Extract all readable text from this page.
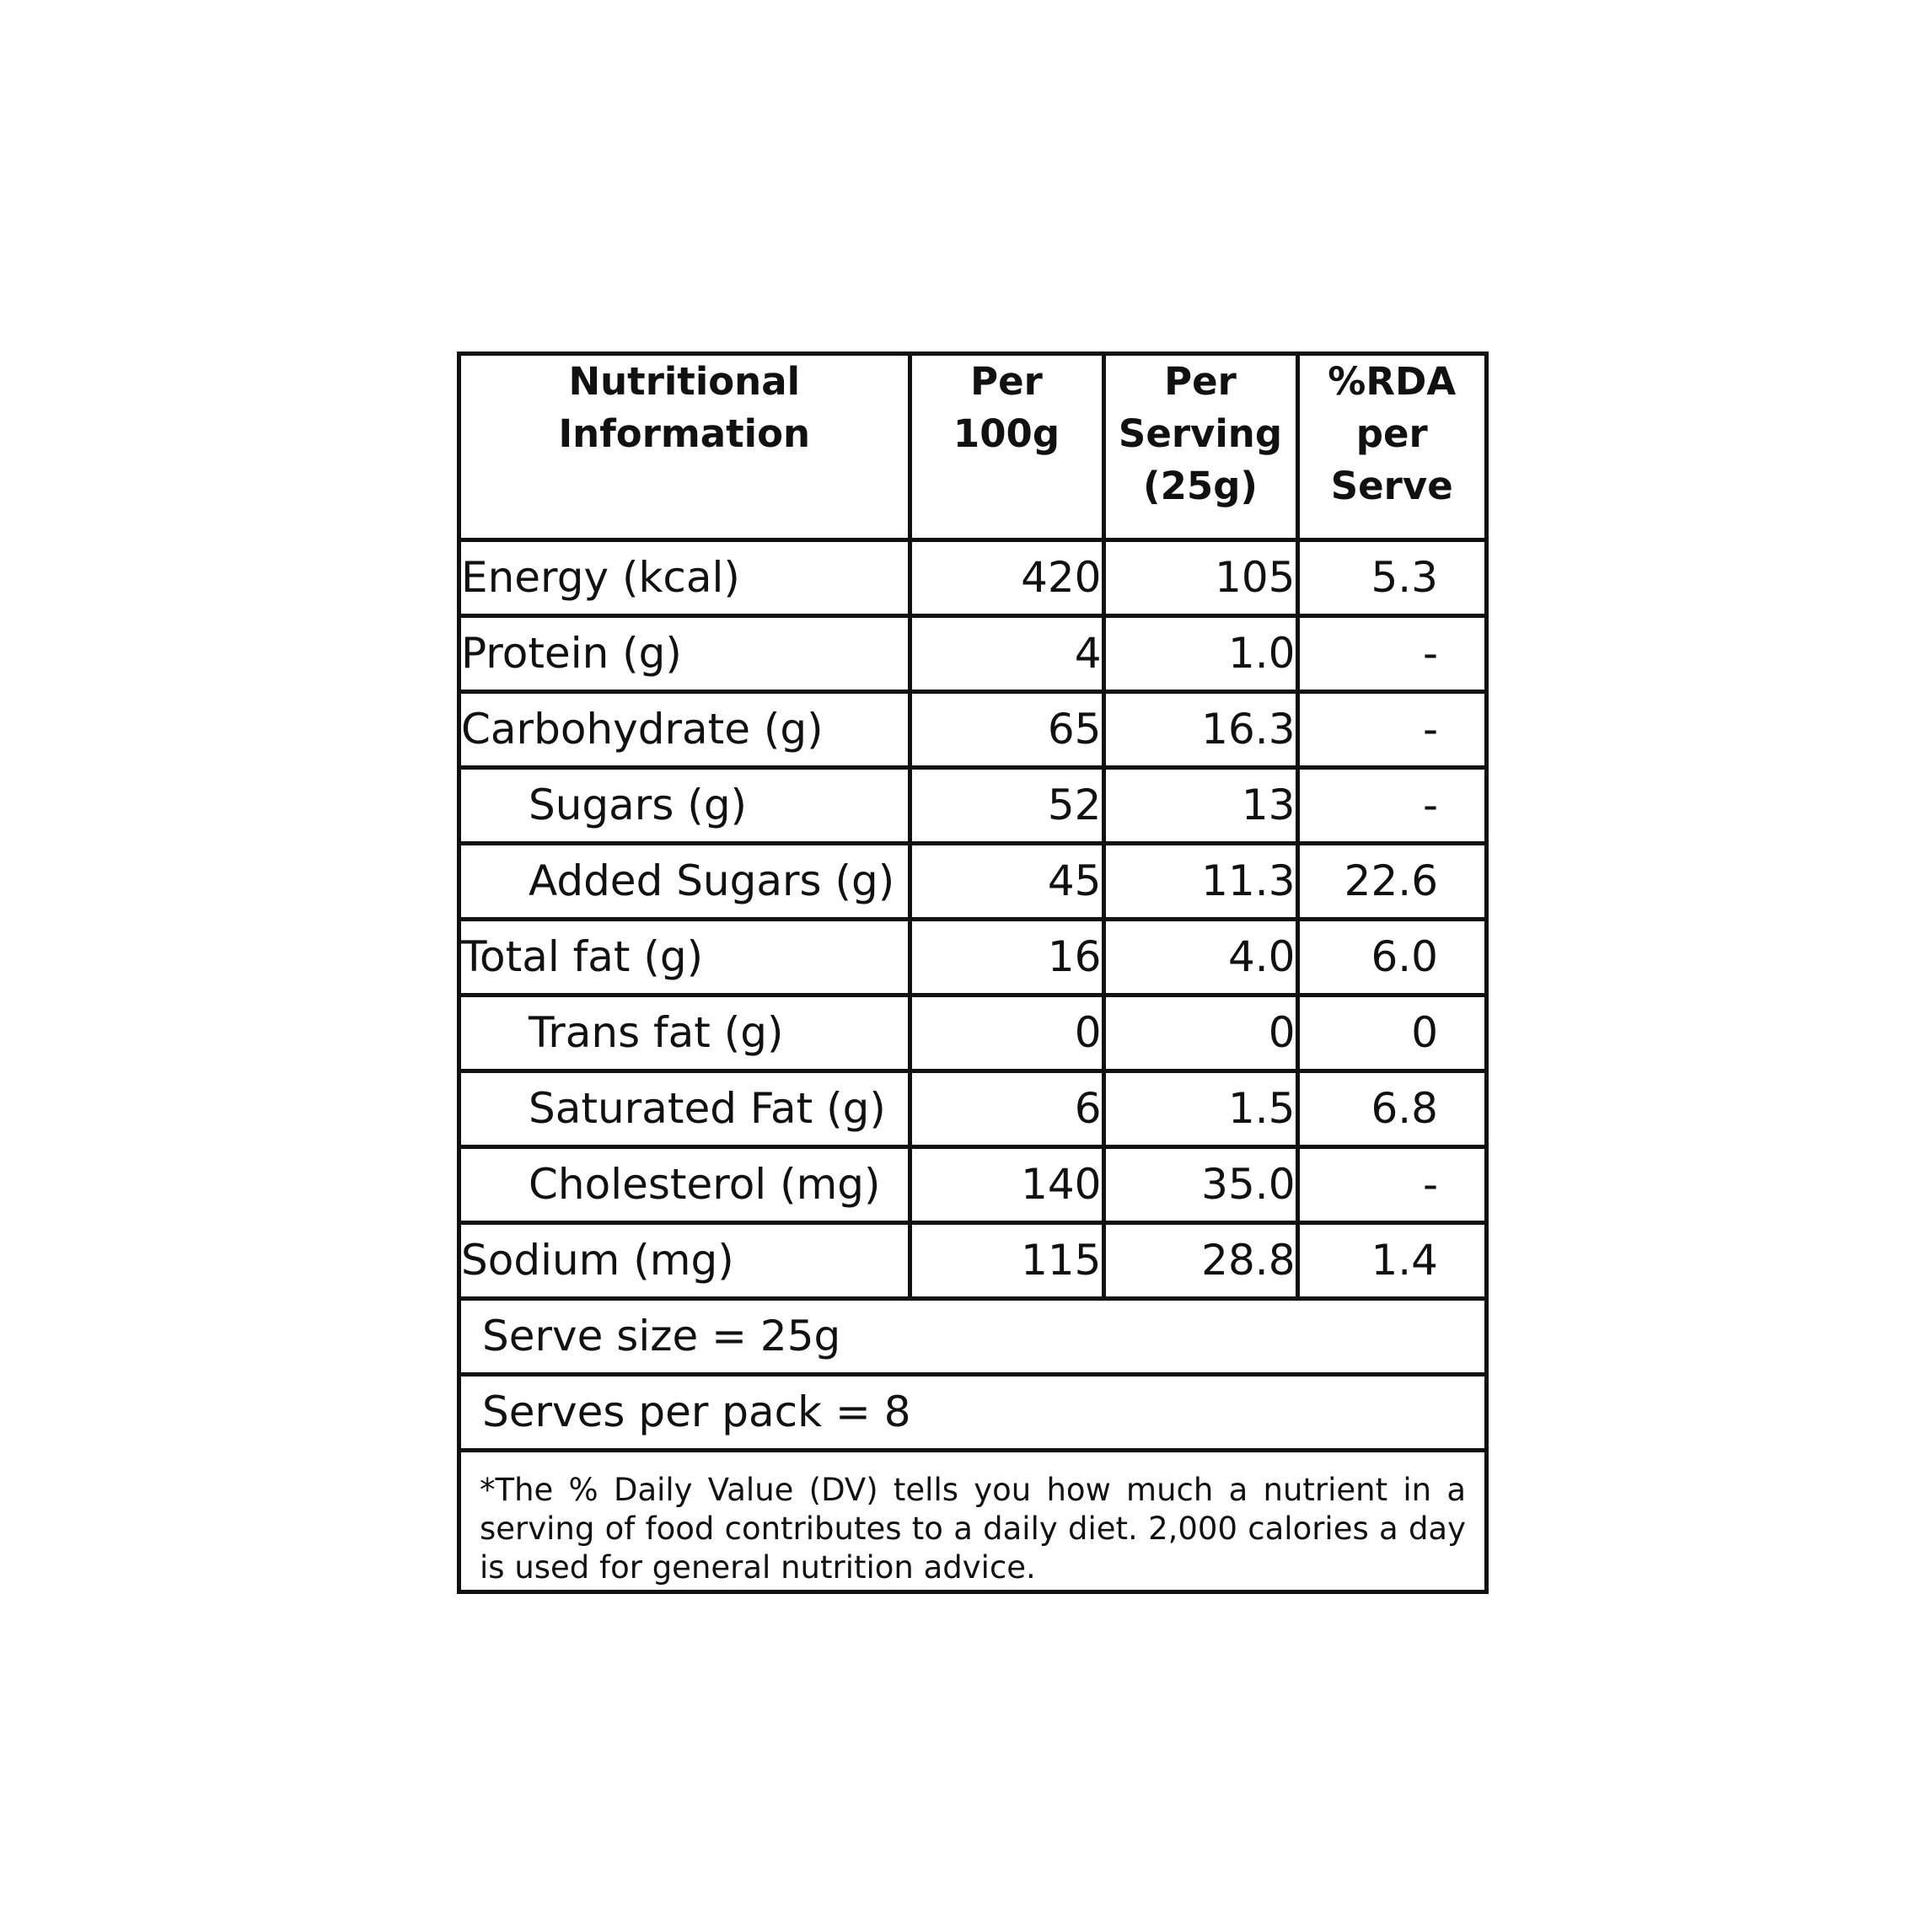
Nutritional Information	Per 100g	Per Serving (25g)	%RDA per Serve
Energy (kcal)	420	105	5.3
Protein (g)	4	1.0	-
Carbohydrate (g)	65	16.3	-
Sugars (g)	52	13	-
Added Sugars (g)	45	11.3	22.6
Total fat (g)	16	4.0	6.0
Trans fat (g)	0	0	0
Saturated Fat (g)	6	1.5	6.8
Cholesterol (mg)	140	35.0	-
Sodium (mg)	115	28.8	1.4
Serve size = 25g			
Serves per pack = 8			
*The % Daily Value (DV) tells you how much a nutrient in a serving of food contributes to a daily diet. 2,000 calories a day is used for general nutrition advice.			
